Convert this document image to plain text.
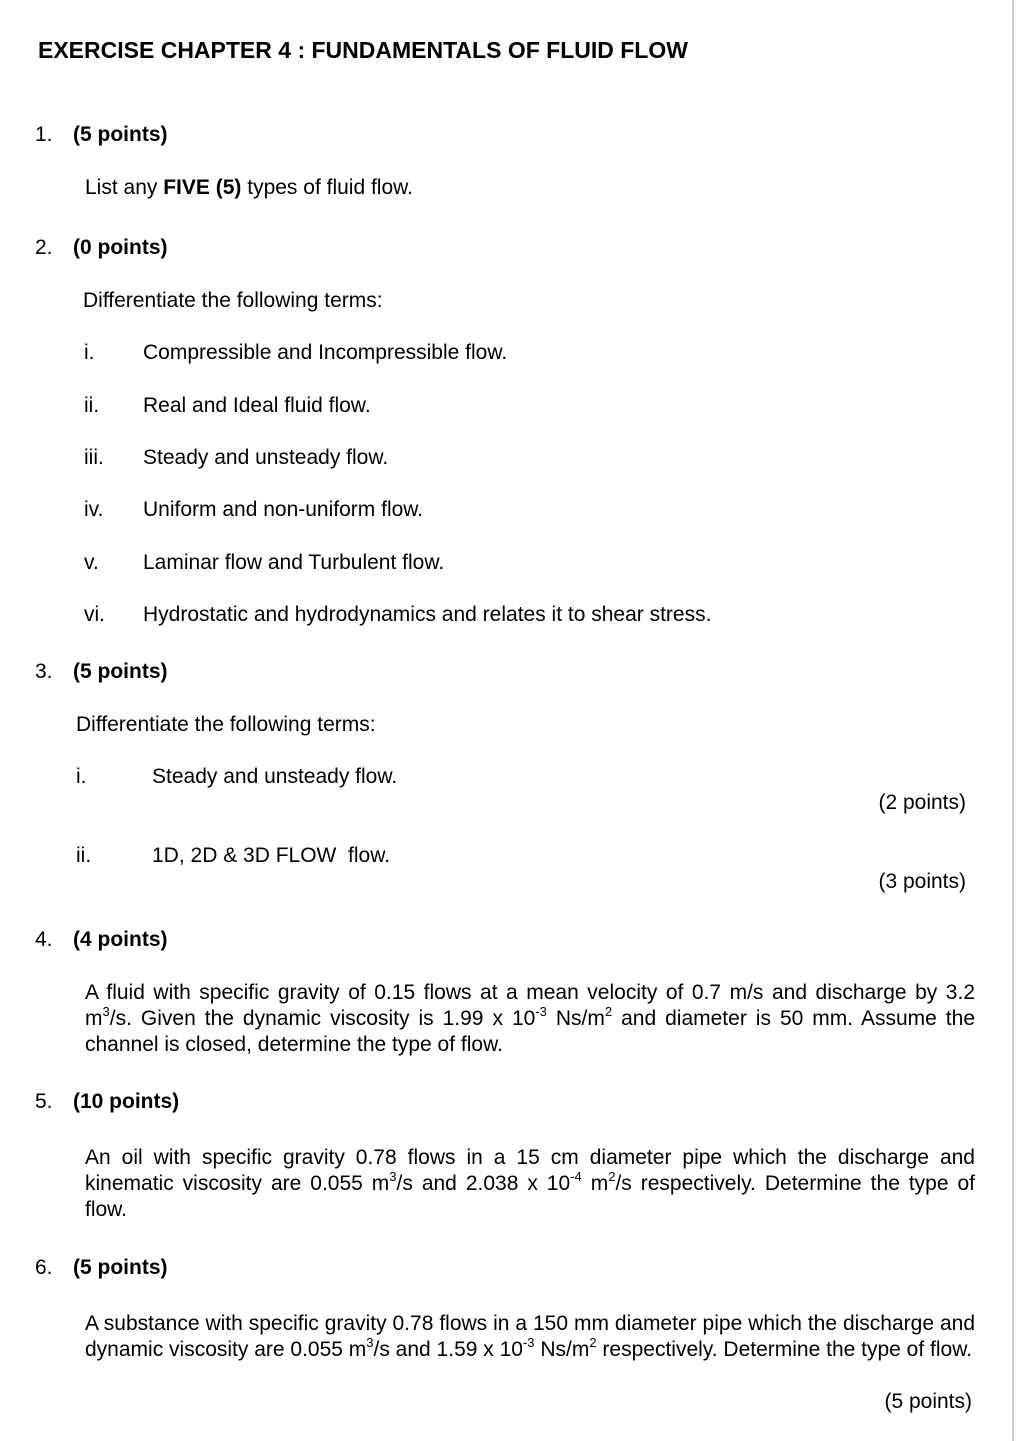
EXERCISE CHAPTER 4 : FUNDAMENTALS OF FLUID FLOW
1. (5 points)
List any FIVE (5) types of fluid flow.
2. (0 points)
Differentiate the following terms:
i. Compressible and Incompressible flow.
ii. Real and Ideal fluid flow.
iii. Steady and unsteady flow.
iv. Uniform and non-uniform flow.
v. Laminar flow and Turbulent flow.
vi. Hydrostatic and hydrodynamics and relates it to shear stress.
3. (5 points)
Differentiate the following terms:
i.	Steady and unsteady flow.
(2 points)
ii.	1D, 2D & 3D FLOW  flow.
(3 points)
4. (4 points)
A fluid with specific gravity of 0.15 flows at a mean velocity of 0.7 m/s and discharge by 3.2 $m^3/s$. Given the dynamic viscosity is 1.99 x $10^{-3}$ $Ns/m^2$ and diameter is 50 mm. Assume the channel is closed, determine the type of flow.
5. (10 points)
An oil with specific gravity 0.78 flows in a 15 cm diameter pipe which the discharge and kinematic viscosity are 0.055 $m^3/s$ and 2.038 x $10^{-4}$ $m^2/s$ respectively. Determine the type of flow.
6. (5 points)
A substance with specific gravity 0.78 flows in a 150 mm diameter pipe which the discharge and dynamic viscosity are 0.055 $m^3/s$ and 1.59 x $10^{-3}$ $Ns/m^2$ respectively. Determine the type of flow.
(5 points)
